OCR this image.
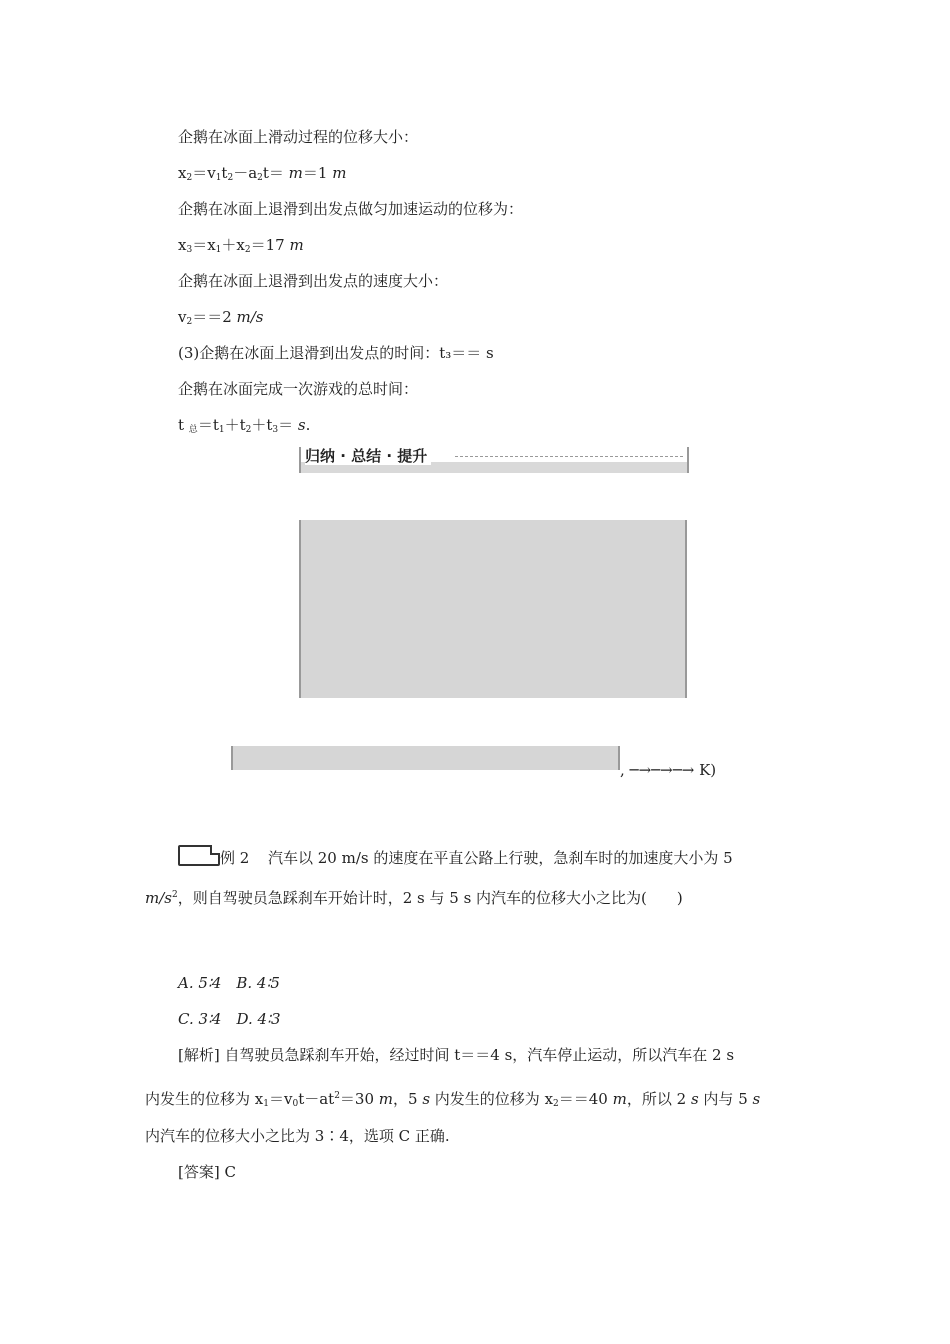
企鹅在冰面上滑动过程的位移大小：
$x_2=v_1t_2-a_2t= m=1$ m
企鹅在冰面上退滑到出发点做匀加速运动的位移为：
$x_3=x_1+x_2=17$ m
企鹅在冰面上退滑到出发点的速度大小：
$v_2==2$ m/s
(3)企鹅在冰面上退滑到出发点的时间：t₃＝＝ s
企鹅在冰面完成一次游戏的总时间：
t $_总=t_1+t_2+t_3= s$.
归纳 · 总结 · 提升
, ─→─→─→ K)
例 2 汽车以 20 m/s 的速度在平直公路上行驶，急刹车时的加速度大小为 5
$m/s^2$，则自驾驶员急踩刹车开始计时，2 s 与 5 s 内汽车的位移大小之比为(　　)
A. 5∶4　B. 4∶5
C. 3∶4　D. 4∶3
[解析] 自驾驶员急踩刹车开始，经过时间 t＝＝4 s，汽车停止运动，所以汽车在 2 s
内发生的位移为 $x_1=v_0t-at^2=30$ m，5 s 内发生的位移为 $x_2==40$ m，所以 2 s 内与 5 s
内汽车的位移大小之比为 3∶4，选项 C 正确.
[答案] C
